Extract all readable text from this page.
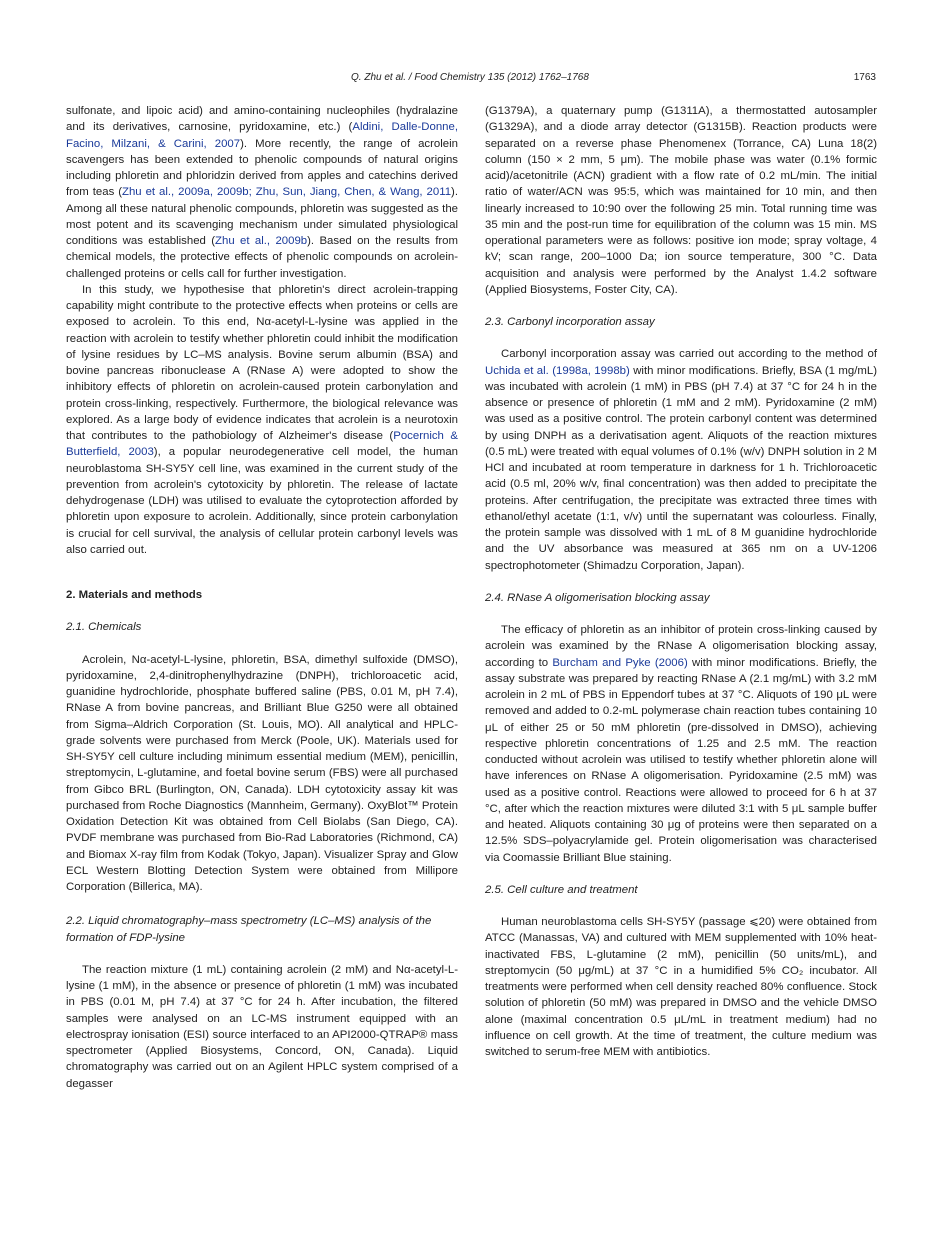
Q. Zhu et al. / Food Chemistry 135 (2012) 1762–1768	1763

sulfonate, and lipoic acid) and amino-containing nucleophiles (hydralazine and its derivatives, carnosine, pyridoxamine, etc.) (Aldini, Dalle-Donne, Facino, Milzani, & Carini, 2007). More recently, the range of acrolein scavengers has been extended to phenolic compounds of natural origins including phloretin and phloridzin derived from apples and catechins derived from teas (Zhu et al., 2009a, 2009b; Zhu, Sun, Jiang, Chen, & Wang, 2011). Among all these natural phenolic compounds, phloretin was suggested as the most potent and its scavenging mechanism under simulated physiological conditions was established (Zhu et al., 2009b). Based on the results from chemical models, the protective effects of phenolic compounds on acrolein-challenged proteins or cells call for further investigation.

In this study, we hypothesise that phloretin's direct acrolein-trapping capability might contribute to the protective effects when proteins or cells are exposed to acrolein. To this end, Nα-acetyl-L-lysine was applied in the reaction with acrolein to testify whether phloretin could inhibit the modification of lysine residues by LC–MS analysis. Bovine serum albumin (BSA) and bovine pancreas ribonuclease A (RNase A) were adopted to show the inhibitory effects of phloretin on acrolein-caused protein carbonylation and protein cross-linking, respectively. Furthermore, the biological relevance was explored. As a large body of evidence indicates that acrolein is a neurotoxin that contributes to the pathobiology of Alzheimer's disease (Pocernich & Butterfield, 2003), a popular neurodegenerative cell model, the human neuroblastoma SH-SY5Y cell line, was examined in the current study of the prevention from acrolein's cytotoxicity by phloretin. The release of lactate dehydrogenase (LDH) was utilised to evaluate the cytoprotection afforded by phloretin upon exposure to acrolein. Additionally, since protein carbonylation is crucial for cell survival, the analysis of cellular protein carbonyl levels was also carried out.

2. Materials and methods
2.1. Chemicals

Acrolein, Nα-acetyl-L-lysine, phloretin, BSA, dimethyl sulfoxide (DMSO), pyridoxamine, 2,4-dinitrophenylhydrazine (DNPH), trichloroacetic acid, guanidine hydrochloride, phosphate buffered saline (PBS, 0.01 M, pH 7.4), RNase A from bovine pancreas, and Brilliant Blue G250 were all obtained from Sigma–Aldrich Corporation (St. Louis, MO). All analytical and HPLC-grade solvents were purchased from Merck (Poole, UK). Materials used for SH-SY5Y cell culture including minimum essential medium (MEM), penicillin, streptomycin, L-glutamine, and foetal bovine serum (FBS) were all purchased from Gibco BRL (Burlington, ON, Canada). LDH cytotoxicity assay kit was purchased from Roche Diagnostics (Mannheim, Germany). OxyBlot™ Protein Oxidation Detection Kit was obtained from Cell Biolabs (San Diego, CA). PVDF membrane was purchased from Bio-Rad Laboratories (Richmond, CA) and Biomax X-ray film from Kodak (Tokyo, Japan). Visualizer Spray and Glow ECL Western Blotting Detection System were obtained from Millipore Corporation (Billerica, MA).

2.2. Liquid chromatography–mass spectrometry (LC–MS) analysis of the formation of FDP-lysine

The reaction mixture (1 mL) containing acrolein (2 mM) and Nα-acetyl-L-lysine (1 mM), in the absence or presence of phloretin (1 mM) was incubated in PBS (0.01 M, pH 7.4) at 37 °C for 24 h. After incubation, the filtered samples were analysed on an LC-MS instrument equipped with an electrospray ionisation (ESI) source interfaced to an API2000-QTRAP® mass spectrometer (Applied Biosystems, Concord, ON, Canada). Liquid chromatography was carried out on an Agilent HPLC system comprised of a degasser

(G1379A), a quaternary pump (G1311A), a thermostatted autosampler (G1329A), and a diode array detector (G1315B). Reaction products were separated on a reverse phase Phenomenex (Torrance, CA) Luna 18(2) column (150 × 2 mm, 5 μm). The mobile phase was water (0.1% formic acid)/acetonitrile (ACN) gradient with a flow rate of 0.2 mL/min. The initial ratio of water/ACN was 95:5, which was maintained for 10 min, and then linearly increased to 10:90 over the following 25 min. Total running time was 35 min and the post-run time for equilibration of the column was 15 min. MS operational parameters were as follows: positive ion mode; spray voltage, 4 kV; scan range, 200–1000 Da; ion source temperature, 300 °C. Data acquisition and analysis were performed by the Analyst 1.4.2 software (Applied Biosystems, Foster City, CA).

2.3. Carbonyl incorporation assay

Carbonyl incorporation assay was carried out according to the method of Uchida et al. (1998a, 1998b) with minor modifications. Briefly, BSA (1 mg/mL) was incubated with acrolein (1 mM) in PBS (pH 7.4) at 37 °C for 24 h in the absence or presence of phloretin (1 mM and 2 mM). Pyridoxamine (2 mM) was used as a positive control. The protein carbonyl content was determined by using DNPH as a derivatisation agent. Aliquots of the reaction mixtures (0.5 mL) were treated with equal volumes of 0.1% (w/v) DNPH solution in 2 M HCl and incubated at room temperature in darkness for 1 h. Trichloroacetic acid (0.5 ml, 20% w/v, final concentration) was then added to precipitate the proteins. After centrifugation, the precipitate was extracted three times with ethanol/ethyl acetate (1:1, v/v) until the supernatant was colourless. Finally, the protein sample was dissolved with 1 mL of 8 M guanidine hydrochloride and the UV absorbance was measured at 365 nm on a UV-1206 spectrophotometer (Shimadzu Corporation, Japan).

2.4. RNase A oligomerisation blocking assay

The efficacy of phloretin as an inhibitor of protein cross-linking caused by acrolein was examined by the RNase A oligomerisation blocking assay, according to Burcham and Pyke (2006) with minor modifications. Briefly, the assay substrate was prepared by reacting RNase A (2.1 mg/mL) with 3.2 mM acrolein in 2 mL of PBS in Eppendorf tubes at 37 °C. Aliquots of 190 μL were removed and added to 0.2-mL polymerase chain reaction tubes containing 10 μL of either 25 or 50 mM phloretin (pre-dissolved in DMSO), achieving respective phloretin concentrations of 1.25 and 2.5 mM. The reaction conducted without acrolein was utilised to testify whether phloretin alone will have inferences on RNase A oligomerisation. Pyridoxamine (2.5 mM) was used as a positive control. Reactions were allowed to proceed for 6 h at 37 °C, after which the reaction mixtures were diluted 3:1 with 5 μL sample buffer and heated. Aliquots containing 30 μg of proteins were then separated on a 12.5% SDS–polyacrylamide gel. Protein oligomerisation was characterised via Coomassie Brilliant Blue staining.

2.5. Cell culture and treatment

Human neuroblastoma cells SH-SY5Y (passage ⩽20) were obtained from ATCC (Manassas, VA) and cultured with MEM supplemented with 10% heat-inactivated FBS, L-glutamine (2 mM), penicillin (50 units/mL), and streptomycin (50 μg/mL) at 37 °C in a humidified 5% CO₂ incubator. All treatments were performed when cell density reached 80% confluence. Stock solution of phloretin (50 mM) was prepared in DMSO and the vehicle DMSO alone (maximal concentration 0.5 μL/mL in treatment medium) had no influence on cell growth. At the time of treatment, the culture medium was switched to serum-free MEM with antibiotics.
